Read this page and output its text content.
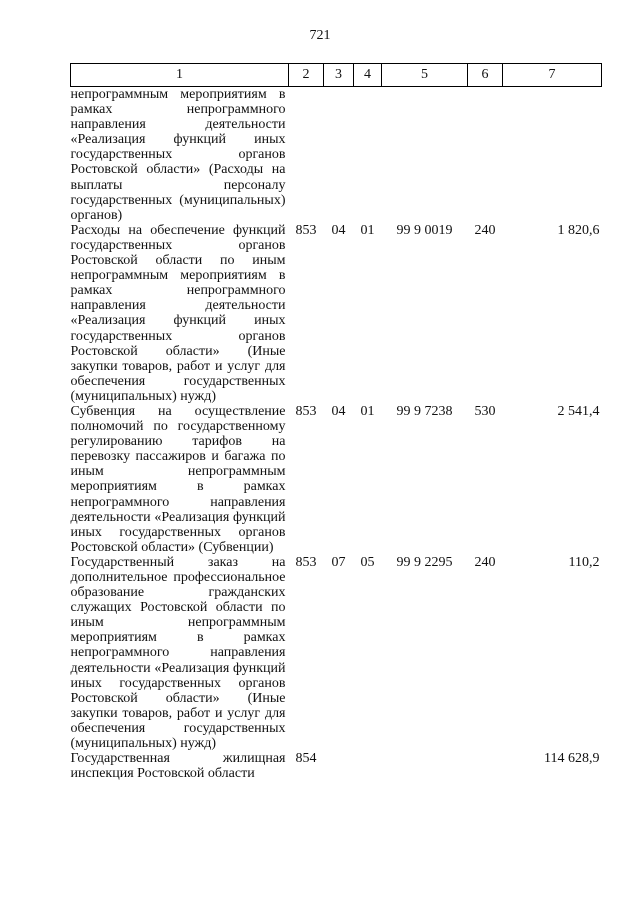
721
1	2	3	4	5	6	7
непрограммным мероприятиям в рамках непрограммного направления деятельности «Реализация функций иных государственных органов Ростовской области» (Расходы на выплаты персоналу государственных (муниципальных) органов)						
Расходы на обеспечение функций государственных органов Ростовской области по иным непрограммным мероприятиям в рамках непрограммного направления деятельности «Реализация функций иных государственных органов Ростовской области» (Иные закупки товаров, работ и услуг для обеспечения государственных (муниципальных) нужд)	853	04	01	99 9 0019	240	1 820,6
Субвенция на осуществление полномочий по государственному регулированию тарифов на перевозку пассажиров и багажа по иным непрограммным мероприятиям в рамках непрограммного направления деятельности «Реализация функций иных государственных органов Ростовской области» (Субвенции)	853	04	01	99 9 7238	530	2 541,4
Государственный заказ на дополнительное профессиональное образование гражданских служащих Ростовской области по иным непрограммным мероприятиям в рамках непрограммного направления деятельности «Реализация функций иных государственных органов Ростовской области» (Иные закупки товаров, работ и услуг для обеспечения государственных (муниципальных) нужд)	853	07	05	99 9 2295	240	110,2
Государственная жилищная инспекция Ростовской области	854					114 628,9
